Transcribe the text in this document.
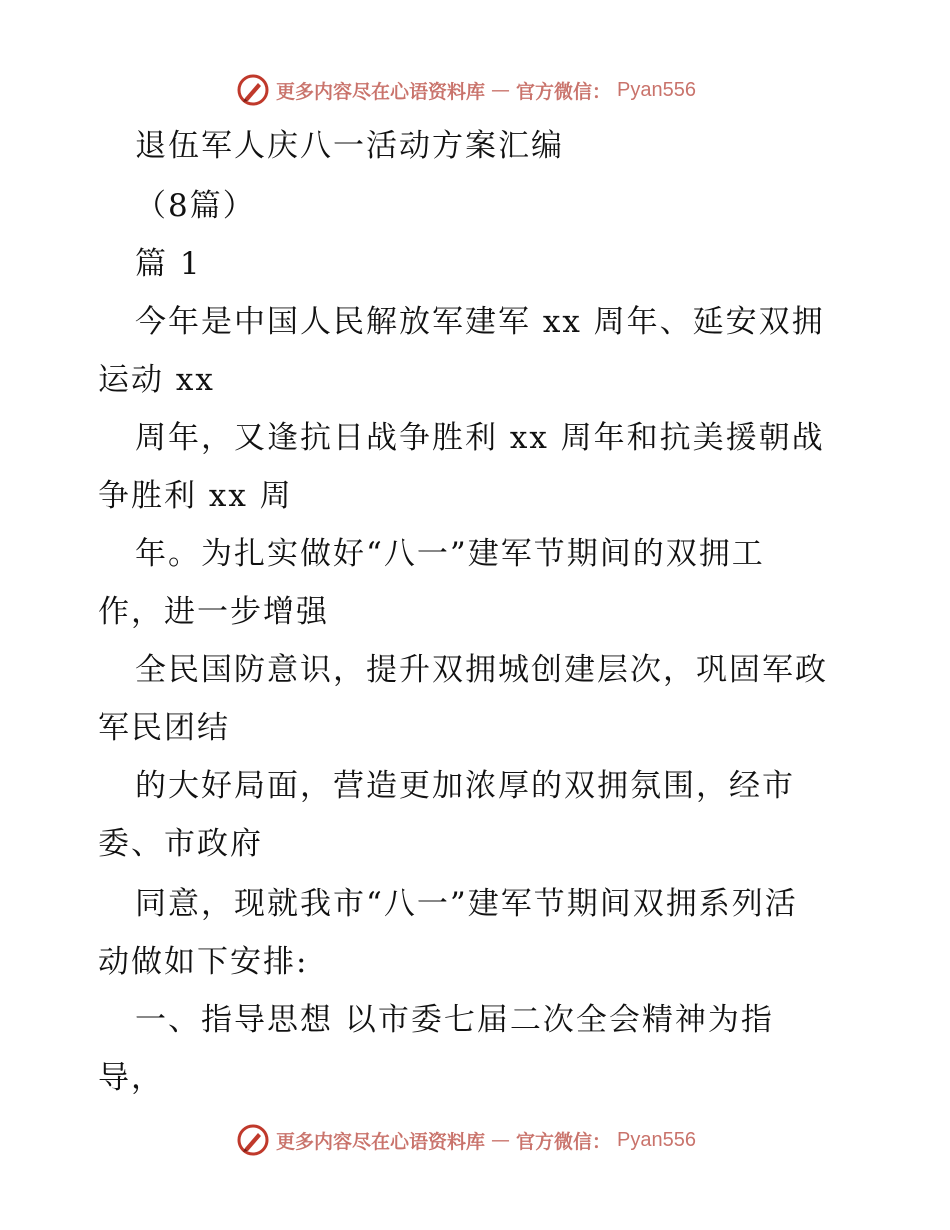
更多内容尽在心语资料库 — 官方微信： Pyan556
退伍军人庆八一活动方案汇编
（8篇）
篇 1
今年是中国人民解放军建军 xx 周年、延安双拥
运动 xx
周年，又逢抗日战争胜利 xx 周年和抗美援朝战
争胜利 xx 周
年。为扎实做好“八一”建军节期间的双拥工
作，进一步增强
全民国防意识，提升双拥城创建层次，巩固军政
军民团结
的大好局面，营造更加浓厚的双拥氛围，经市
委、市政府
同意，现就我市“八一”建军节期间双拥系列活
动做如下安排:
一、指导思想 以市委七届二次全会精神为指
导，
更多内容尽在心语资料库 — 官方微信： Pyan556
